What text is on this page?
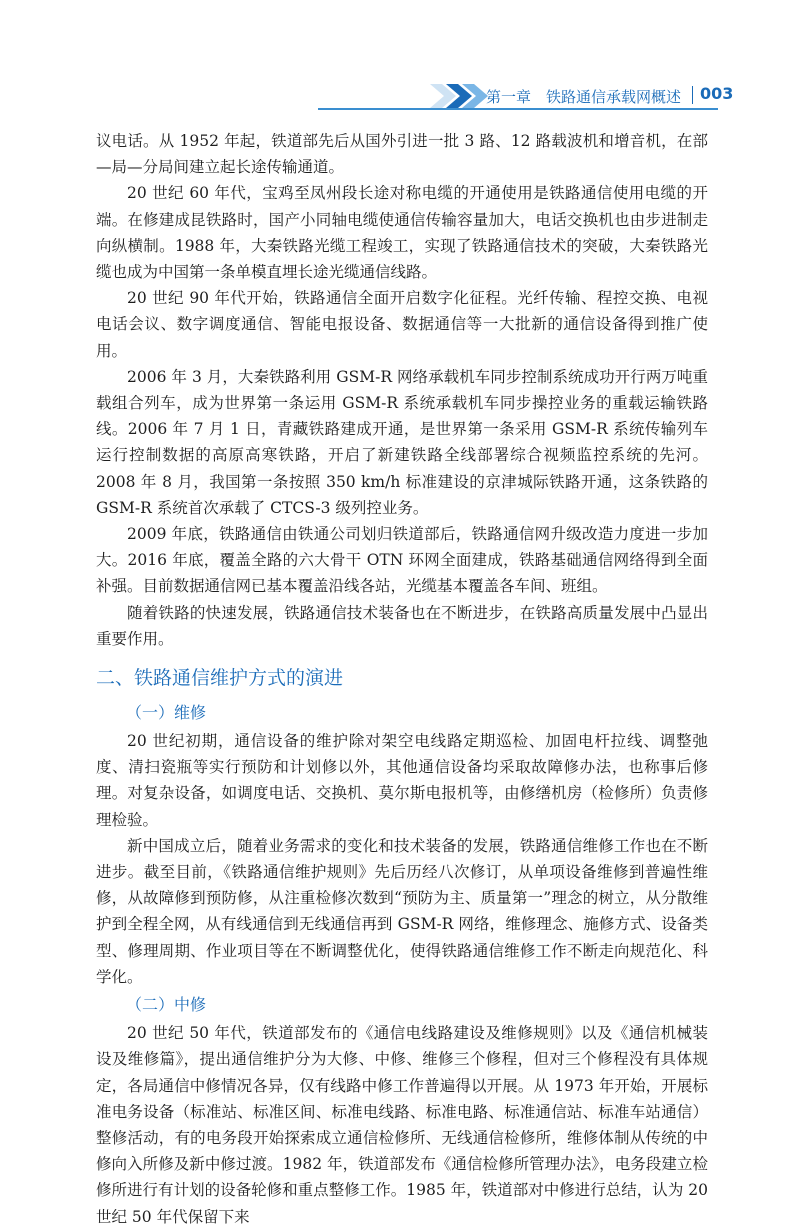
第一章　铁路通信承载网概述 003

议电话。从 1952 年起，铁道部先后从国外引进一批 3 路、12 路载波机和增音机，在部—局—分局间建立起长途传输通道。

20 世纪 60 年代，宝鸡至凤州段长途对称电缆的开通使用是铁路通信使用电缆的开端。在修建成昆铁路时，国产小同轴电缆使通信传输容量加大，电话交换机也由步进制走向纵横制。1988 年，大秦铁路光缆工程竣工，实现了铁路通信技术的突破，大秦铁路光缆也成为中国第一条单模直埋长途光缆通信线路。

20 世纪 90 年代开始，铁路通信全面开启数字化征程。光纤传输、程控交换、电视电话会议、数字调度通信、智能电报设备、数据通信等一大批新的通信设备得到推广使用。

2006 年 3 月，大秦铁路利用 GSM-R 网络承载机车同步控制系统成功开行两万吨重载组合列车，成为世界第一条运用 GSM-R 系统承载机车同步操控业务的重载运输铁路线。2006 年 7 月 1 日，青藏铁路建成开通，是世界第一条采用 GSM-R 系统传输列车运行控制数据的高原高寒铁路，开启了新建铁路全线部署综合视频监控系统的先河。2008 年 8 月，我国第一条按照 350 km/h 标准建设的京津城际铁路开通，这条铁路的 GSM-R 系统首次承载了 CTCS-3 级列控业务。

2009 年底，铁路通信由铁通公司划归铁道部后，铁路通信网升级改造力度进一步加大。2016 年底，覆盖全路的六大骨干 OTN 环网全面建成，铁路基础通信网络得到全面补强。目前数据通信网已基本覆盖沿线各站，光缆基本覆盖各车间、班组。

随着铁路的快速发展，铁路通信技术装备也在不断进步，在铁路高质量发展中凸显出重要作用。

二、铁路通信维护方式的演进
（一）维修

20 世纪初期，通信设备的维护除对架空电线路定期巡检、加固电杆拉线、调整弛度、清扫瓷瓶等实行预防和计划修以外，其他通信设备均采取故障修办法，也称事后修理。对复杂设备，如调度电话、交换机、莫尔斯电报机等，由修缮机房（检修所）负责修理检验。

新中国成立后，随着业务需求的变化和技术装备的发展，铁路通信维修工作也在不断进步。截至目前，《铁路通信维护规则》先后历经八次修订，从单项设备维修到普遍性维修，从故障修到预防修，从注重检修次数到“预防为主、质量第一”理念的树立，从分散维护到全程全网，从有线通信到无线通信再到 GSM-R 网络，维修理念、施修方式、设备类型、修理周期、作业项目等在不断调整优化，使得铁路通信维修工作不断走向规范化、科学化。

（二）中修

20 世纪 50 年代，铁道部发布的《通信电线路建设及维修规则》以及《通信机械装设及维修篇》，提出通信维护分为大修、中修、维修三个修程，但对三个修程没有具体规定，各局通信中修情况各异，仅有线路中修工作普遍得以开展。从 1973 年开始，开展标准电务设备（标准站、标准区间、标准电线路、标准电路、标准通信站、标准车站通信）整修活动，有的电务段开始探索成立通信检修所、无线通信检修所，维修体制从传统的中修向入所修及新中修过渡。1982 年，铁道部发布《通信检修所管理办法》，电务段建立检修所进行有计划的设备轮修和重点整修工作。1985 年，铁道部对中修进行总结，认为 20 世纪 50 年代保留下来
